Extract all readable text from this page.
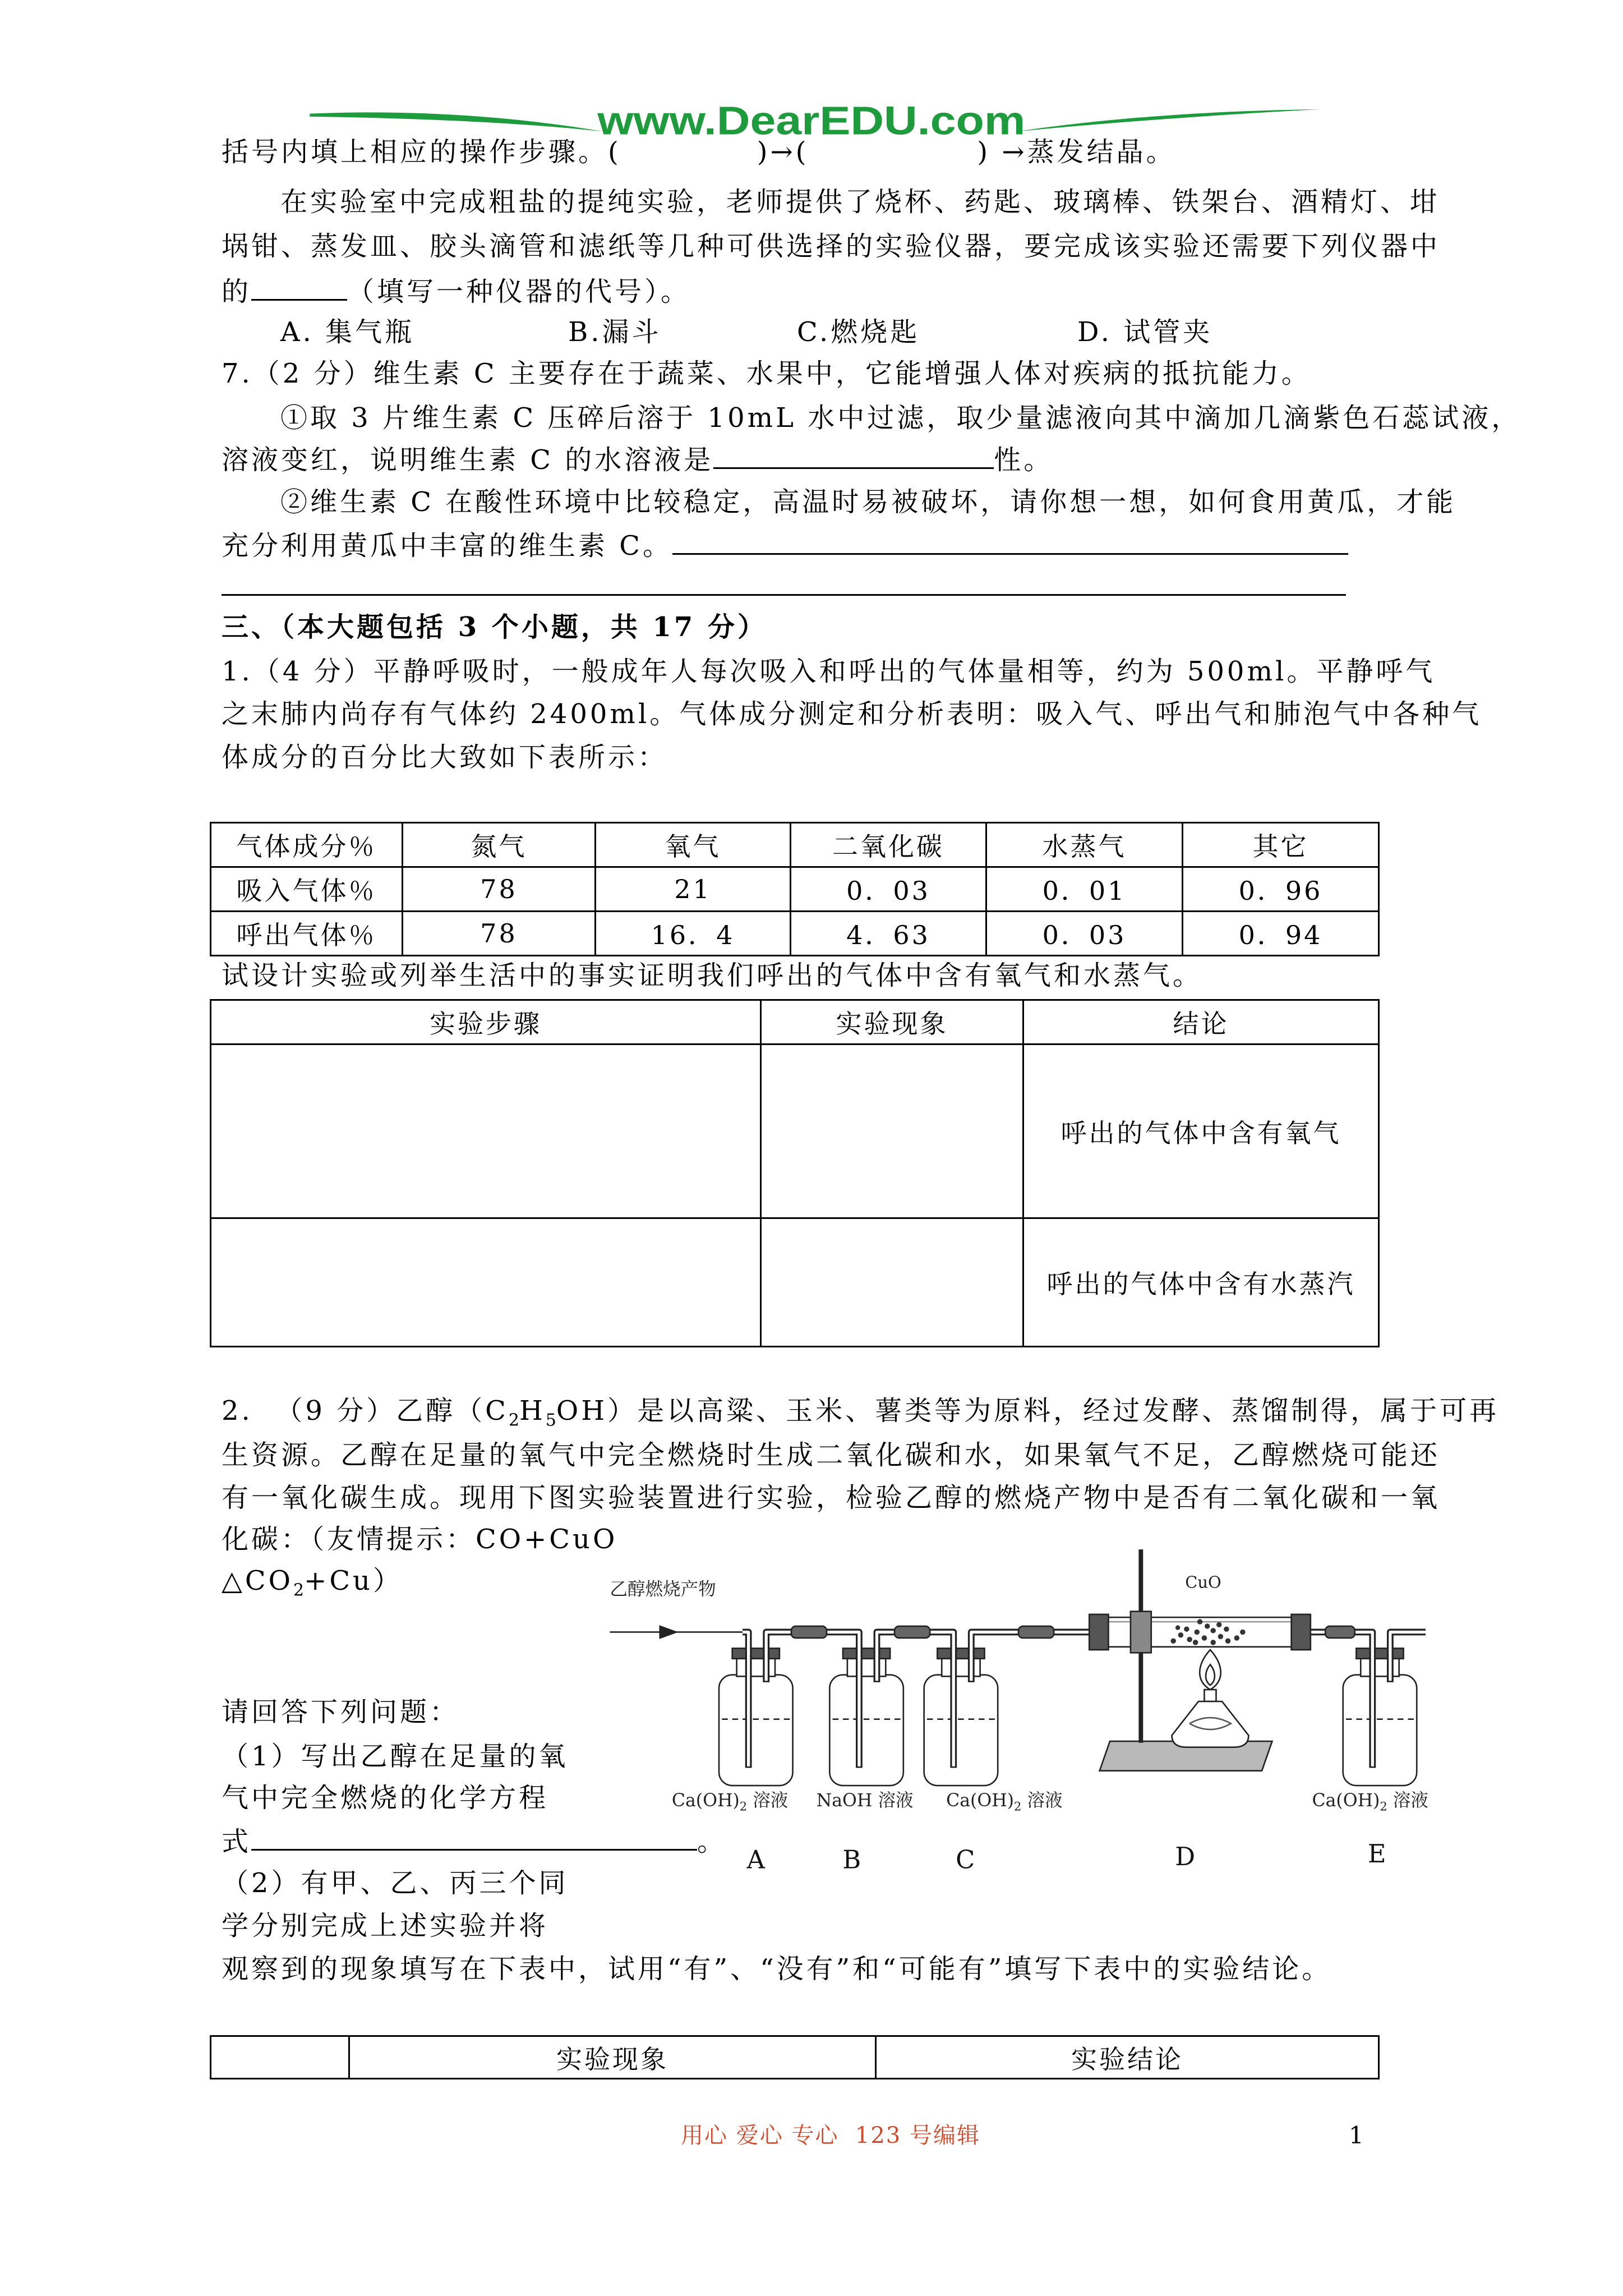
www.DearEDU.com
括号内填上相应的操作步骤。(	)→(	) →蒸发结晶。
在实验室中完成粗盐的提纯实验，老师提供了烧杯、药匙、玻璃棒、铁架台、酒精灯、坩
埚钳、蒸发皿、胶头滴管和滤纸等几种可供选择的实验仪器，要完成该实验还需要下列仪器中
的	（填写一种仪器的代号）。
A. 集气瓶	B.漏斗	C.燃烧匙	D. 试管夹
7.（2 分）维生素 C 主要存在于蔬菜、水果中，它能增强人体对疾病的抵抗能力。
①取 3 片维生素 C 压碎后溶于 10mL 水中过滤，取少量滤液向其中滴加几滴紫色石蕊试液，
溶液变红，说明维生素 C 的水溶液是	性。
②维生素 C 在酸性环境中比较稳定，高温时易被破坏，请你想一想，如何食用黄瓜，才能
充分利用黄瓜中丰富的维生素 C。
三、（本大题包括 3 个小题，共 17 分）
1.（4 分）平静呼吸时，一般成年人每次吸入和呼出的气体量相等，约为 500ml。平静呼气
之末肺内尚存有气体约 2400ml。气体成分测定和分析表明：吸入气、呼出气和肺泡气中各种气
体成分的百分比大致如下表所示：
气体成分％	氮气	氧气	二氧化碳	水蒸气	其它
吸入气体％	78	21	0．03	0．01	0．96
呼出气体％	78	16．4	4．63	0．03	0．94
试设计实验或列举生活中的事实证明我们呼出的气体中含有氧气和水蒸气。
实验步骤	实验现象	结论
		呼出的气体中含有氧气
		呼出的气体中含有水蒸汽
2.  （9 分）乙醇$(C_2H_5OH)$是以高粱、玉米、薯类等为原料，经过发酵、蒸馏制得，属于可再
生资源。乙醇在足量的氧气中完全燃烧时生成二氧化碳和水，如果氧气不足，乙醇燃烧可能还
有一氧化碳生成。现用下图实验装置进行实验，检验乙醇的燃烧产物中是否有二氧化碳和一氧
化碳：（友情提示：CO+CuO
$\triangle CO_2+Cu$）	乙醇燃烧产物	CuO
$Ca(OH)_2$ 溶液	NaOH 溶液	$Ca(OH)_2$ 溶液	$Ca(OH)_2$ 溶液
A	B	C	D	E
请回答下列问题：
（1）写出乙醇在足量的氧
气中完全燃烧的化学方程
式	。
（2）有甲、乙、丙三个同
学分别完成上述实验并将
观察到的现象填写在下表中，试用“有”、“没有”和“可能有”填写下表中的实验结论。
	实验现象	实验结论
用心 爱心 专心  123 号编辑	1
